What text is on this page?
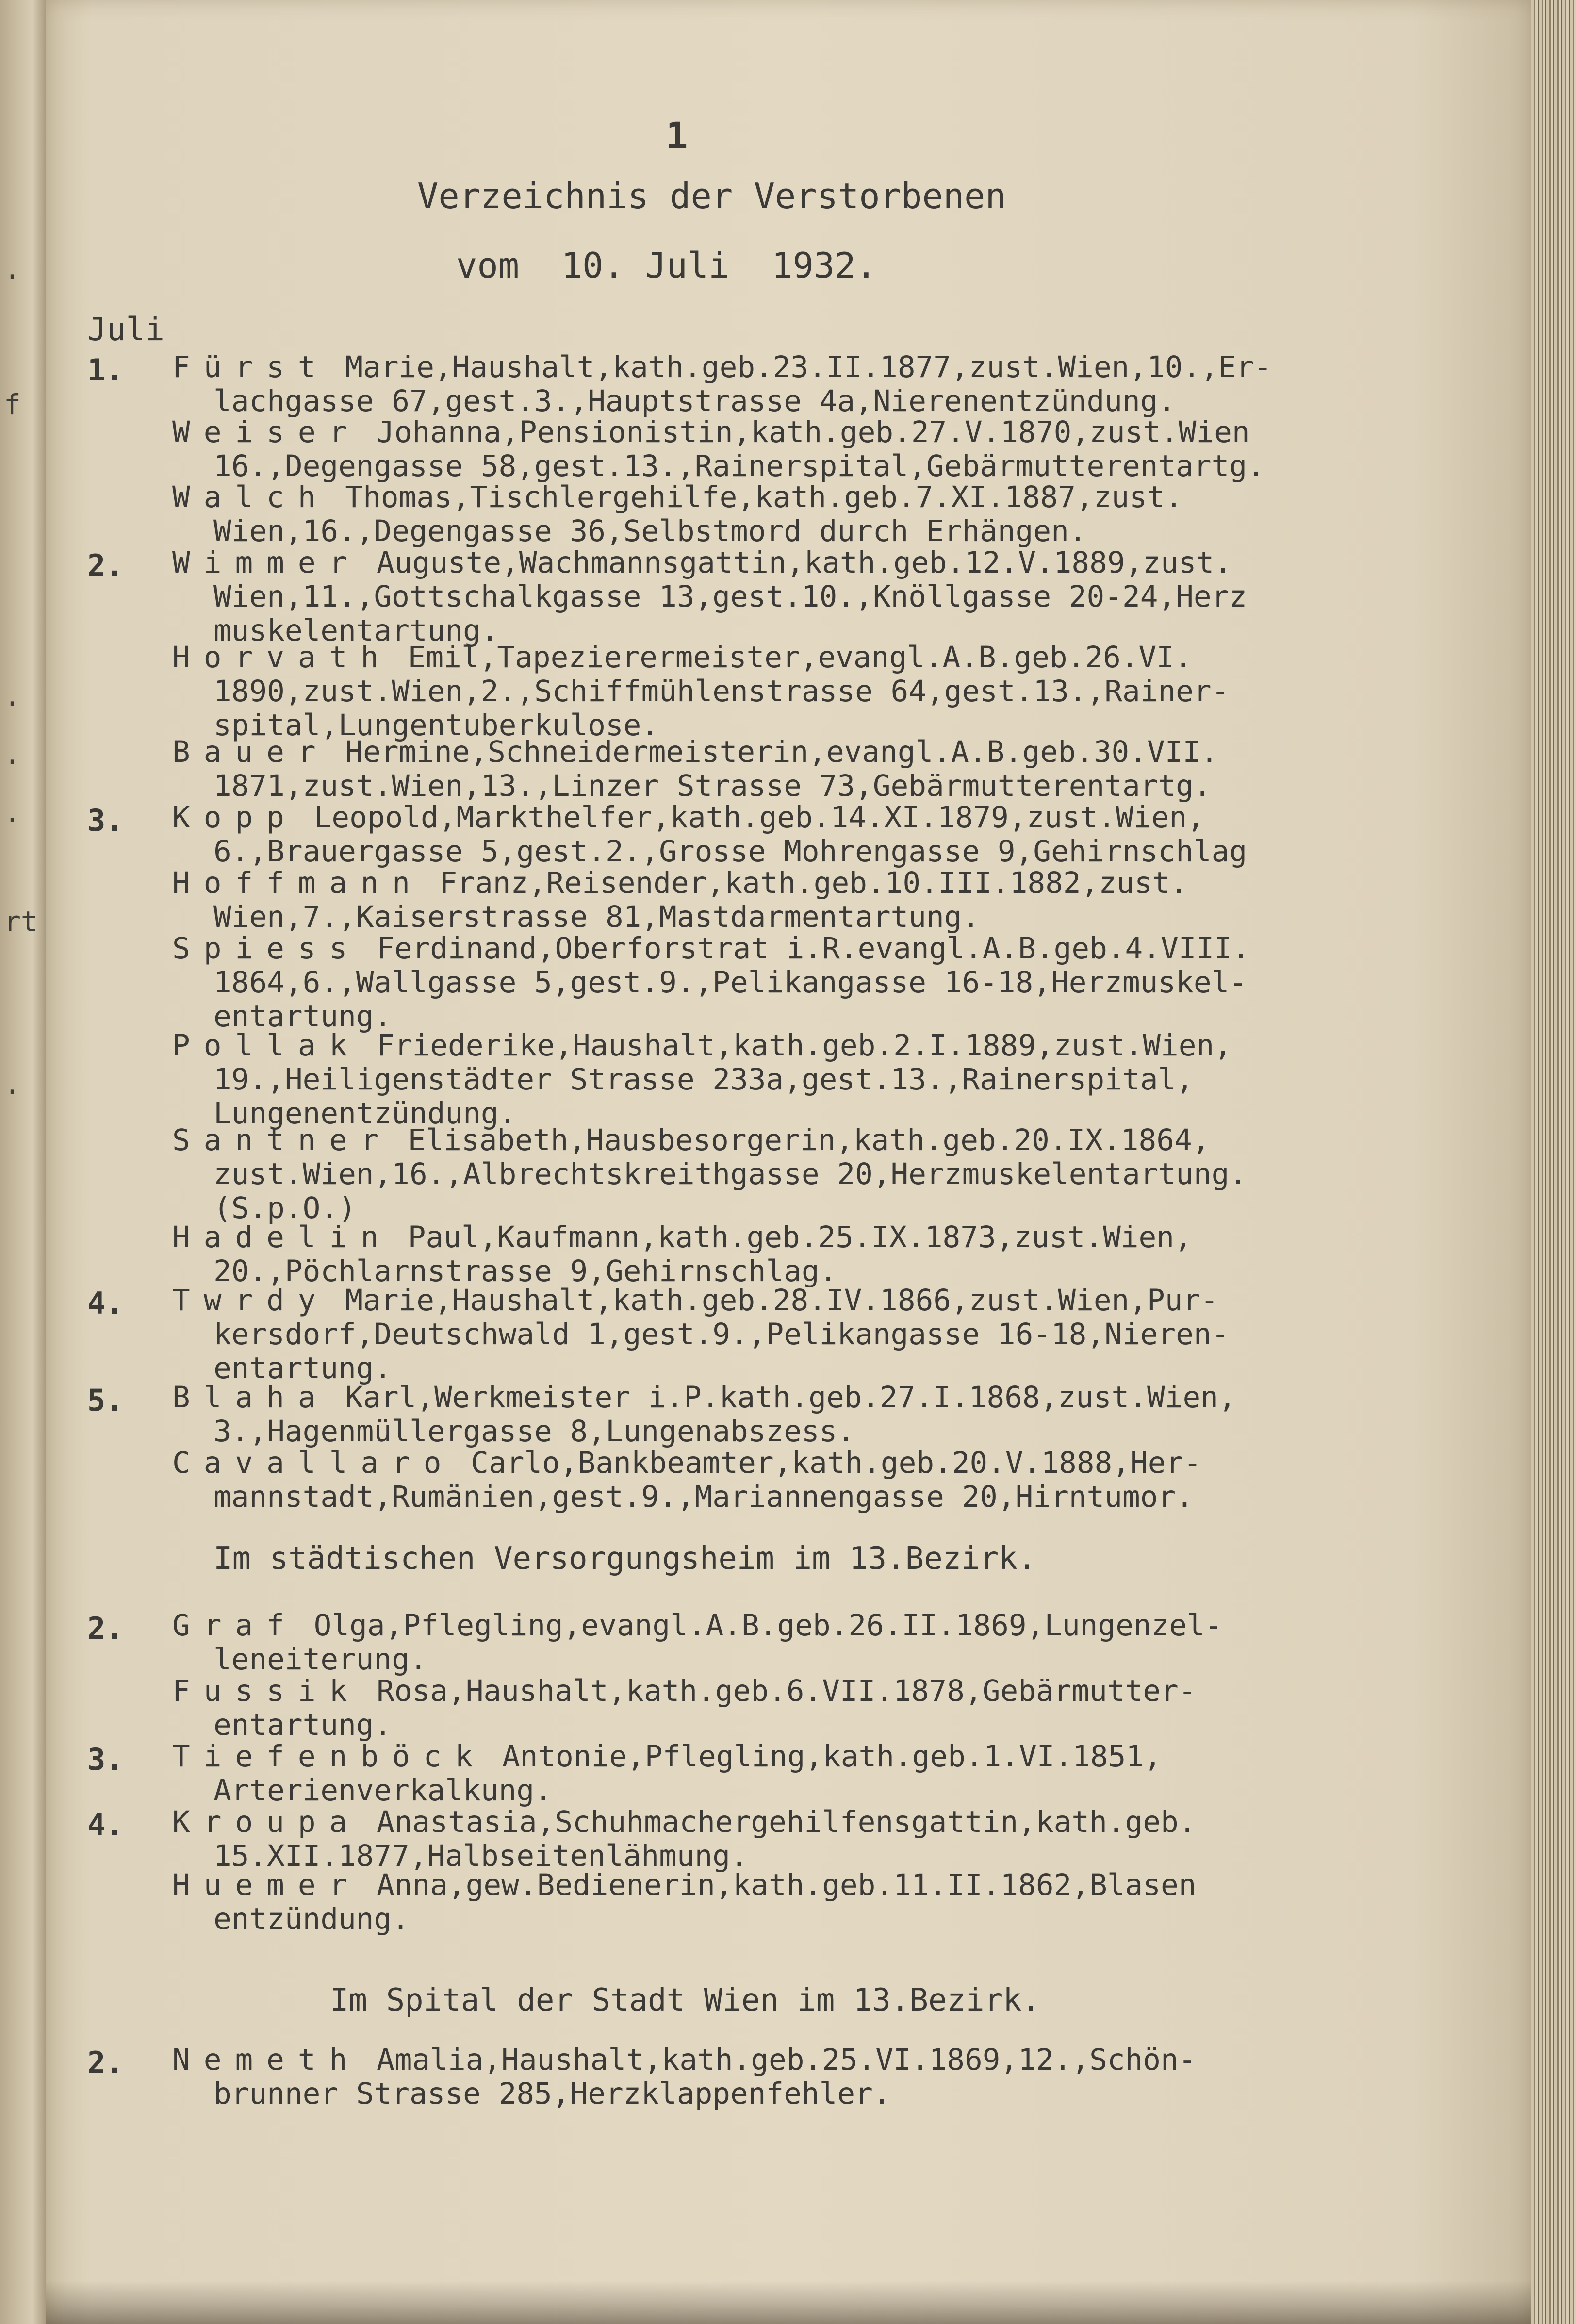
.
f
.
.
.
rt
.
1
Verzeichnis der Verstorbenen
vom  10. Juli  1932.
Juli
1. Fürst Marie,Haushalt,kath.geb.23.II.1877,zust.Wien,10.,Er-
lachgasse 67,gest.3.,Hauptstrasse 4a,Nierenentzündung.
Weiser Johanna,Pensionistin,kath.geb.27.V.1870,zust.Wien
16.,Degengasse 58,gest.13.,Rainerspital,Gebärmutterentartg.
Walch Thomas,Tischlergehilfe,kath.geb.7.XI.1887,zust.
Wien,16.,Degengasse 36,Selbstmord durch Erhängen.
2. Wimmer Auguste,Wachmannsgattin,kath.geb.12.V.1889,zust.
Wien,11.,Gottschalkgasse 13,gest.10.,Knöllgasse 20-24,Herz
muskelentartung.
Horvath Emil,Tapezierermeister,evangl.A.B.geb.26.VI.
1890,zust.Wien,2.,Schiffmühlenstrasse 64,gest.13.,Rainer-
spital,Lungentuberkulose.
Bauer Hermine,Schneidermeisterin,evangl.A.B.geb.30.VII.
1871,zust.Wien,13.,Linzer Strasse 73,Gebärmutterentartg.
3. Kopp Leopold,Markthelfer,kath.geb.14.XI.1879,zust.Wien,
6.,Brauergasse 5,gest.2.,Grosse Mohrengasse 9,Gehirnschlag
Hoffmann Franz,Reisender,kath.geb.10.III.1882,zust.
Wien,7.,Kaiserstrasse 81,Mastdarmentartung.
Spiess Ferdinand,Oberforstrat i.R.evangl.A.B.geb.4.VIII.
1864,6.,Wallgasse 5,gest.9.,Pelikangasse 16-18,Herzmuskel-
entartung.
Pollak Friederike,Haushalt,kath.geb.2.I.1889,zust.Wien,
19.,Heiligenstädter Strasse 233a,gest.13.,Rainerspital,
Lungenentzündung.
Santner Elisabeth,Hausbesorgerin,kath.geb.20.IX.1864,
zust.Wien,16.,Albrechtskreithgasse 20,Herzmuskelentartung.
(S.p.O.)
Hadelin Paul,Kaufmann,kath.geb.25.IX.1873,zust.Wien,
20.,Pöchlarnstrasse 9,Gehirnschlag.
4. Twrdy Marie,Haushalt,kath.geb.28.IV.1866,zust.Wien,Pur-
kersdorf,Deutschwald 1,gest.9.,Pelikangasse 16-18,Nieren-
entartung.
5. Blaha Karl,Werkmeister i.P.kath.geb.27.I.1868,zust.Wien,
3.,Hagenmüllergasse 8,Lungenabszess.
Cavallaro Carlo,Bankbeamter,kath.geb.20.V.1888,Her-
mannstadt,Rumänien,gest.9.,Mariannengasse 20,Hirntumor.
Im städtischen Versorgungsheim im 13.Bezirk.
2. Graf Olga,Pflegling,evangl.A.B.geb.26.II.1869,Lungenzel-
leneiterung.
Fussik Rosa,Haushalt,kath.geb.6.VII.1878,Gebärmutter-
entartung.
3. Tiefenböck Antonie,Pflegling,kath.geb.1.VI.1851,
Arterienverkalkung.
4. Kroupa Anastasia,Schuhmachergehilfensgattin,kath.geb.
15.XII.1877,Halbseitenlähmung.
Huemer Anna,gew.Bedienerin,kath.geb.11.II.1862,Blasen
entzündung.
Im Spital der Stadt Wien im 13.Bezirk.
2. Nemeth Amalia,Haushalt,kath.geb.25.VI.1869,12.,Schön-
brunner Strasse 285,Herzklappenfehler.
